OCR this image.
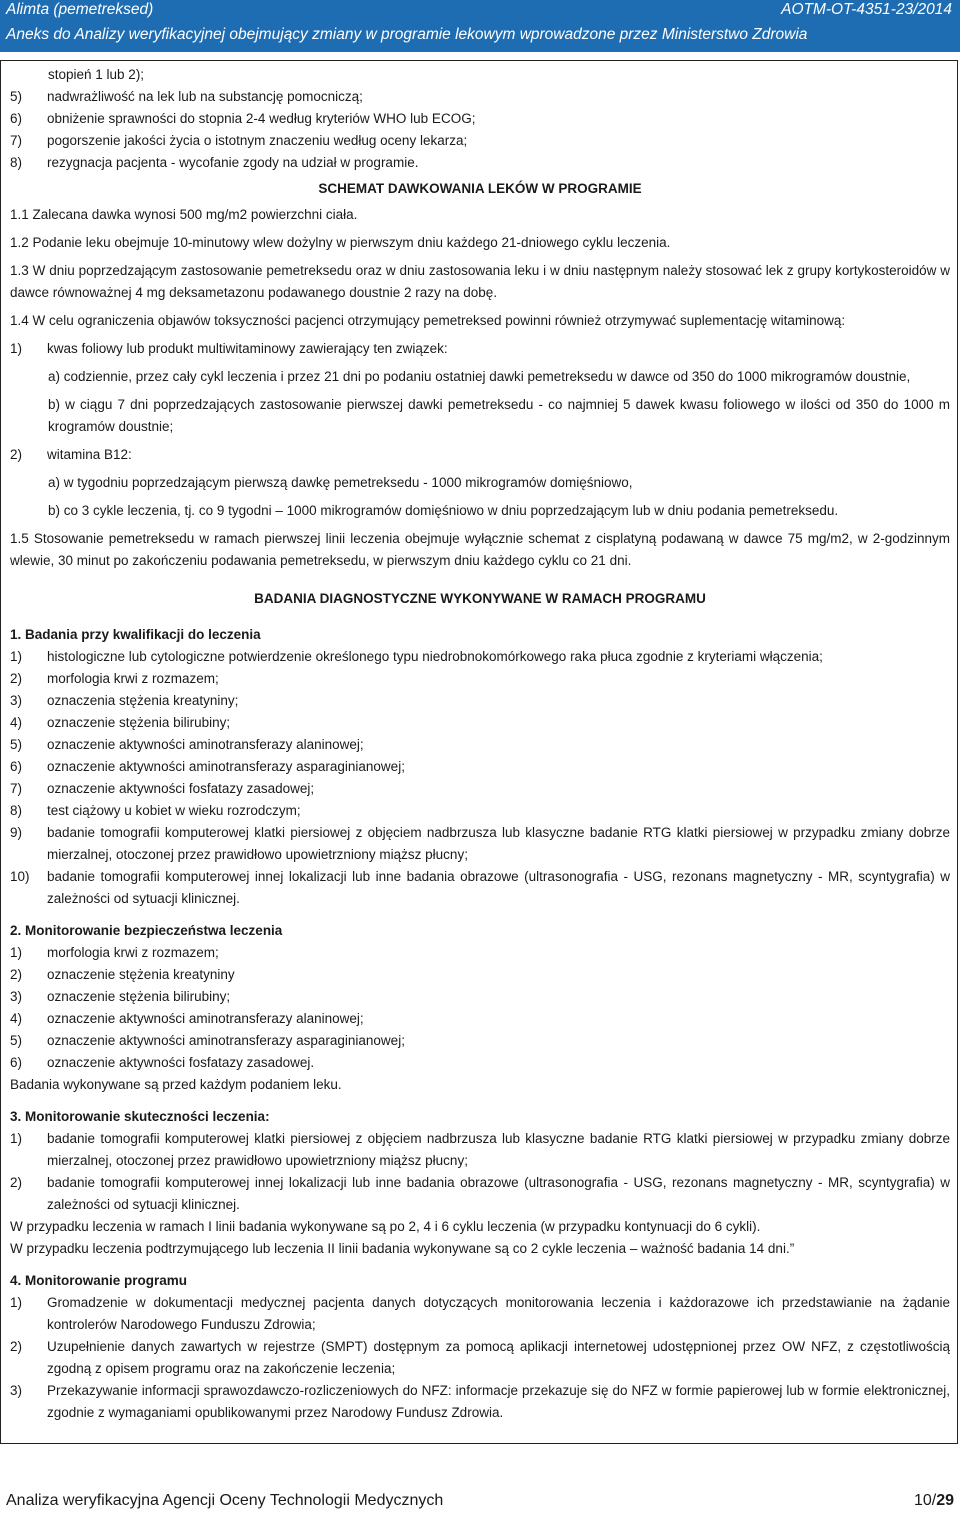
Alimta (pemetreksed)	AOTM-OT-4351-23/2014
Aneks do Analizy weryfikacyjnej obejmujący zmiany w programie lekowym wprowadzone przez Ministerstwo Zdrowia

stopień 1 lub 2);

5) nadwrażliwość na lek lub na substancję pomocniczą;
6) obniżenie sprawności do stopnia 2-4 według kryteriów WHO lub ECOG;
7) pogorszenie jakości życia o istotnym znaczeniu według oceny lekarza;
8) rezygnacja pacjenta - wycofanie zgody na udział w programie.

SCHEMAT DAWKOWANIA LEKÓW W PROGRAMIE

1.1 Zalecana dawka wynosi 500 mg/m2 powierzchni ciała.

1.2 Podanie leku obejmuje 10-minutowy wlew dożylny w pierwszym dniu każdego 21-dniowego cyklu leczenia.

1.3 W dniu poprzedzającym zastosowanie pemetreksedu oraz w dniu zastosowania leku i w dniu następnym należy stosować lek z grupy kortykosteroidów w dawce równoważnej 4 mg deksametazonu podawanego doustnie 2 razy na dobę.

1.4 W celu ograniczenia objawów toksyczności pacjenci otrzymujący pemetreksed powinni również otrzymywać suplementację witaminową:

1) kwas foliowy lub produkt multiwitaminowy zawierający ten związek:

a) codziennie, przez cały cykl leczenia i przez 21 dni po podaniu ostatniej dawki pemetreksedu w dawce od 350 do 1000 mikrogramów doustnie,

b) w ciągu 7 dni poprzedzających zastosowanie pierwszej dawki pemetreksedu - co najmniej 5 dawek kwasu foliowego w ilości od 350 do 1000 m krogramów doustnie;

2) witamina B12:

a) w tygodniu poprzedzającym pierwszą dawkę pemetreksedu - 1000 mikrogramów domięśniowo,

b) co 3 cykle leczenia, tj. co 9 tygodni – 1000 mikrogramów domięśniowo w dniu poprzedzającym lub w dniu podania pemetreksedu.

1.5 Stosowanie pemetreksedu w ramach pierwszej linii leczenia obejmuje wyłącznie schemat z cisplatyną podawaną w dawce 75 mg/m2, w 2-godzinnym wlewie, 30 minut po zakończeniu podawania pemetreksedu, w pierwszym dniu każdego cyklu co 21 dni.

BADANIA DIAGNOSTYCZNE WYKONYWANE W RAMACH PROGRAMU

1. Badania przy kwalifikacji do leczenia

1) histologiczne lub cytologiczne potwierdzenie określonego typu niedrobnokomórkowego raka płuca zgodnie z kryteriami włączenia;
2) morfologia krwi z rozmazem;
3) oznaczenia stężenia kreatyniny;
4) oznaczenie stężenia bilirubiny;
5) oznaczenie aktywności aminotransferazy alaninowej;
6) oznaczenie aktywności aminotransferazy asparaginianowej;
7) oznaczenie aktywności fosfatazy zasadowej;
8) test ciążowy u kobiet w wieku rozrodczym;
9) badanie tomografii komputerowej klatki piersiowej z objęciem nadbrzusza lub klasyczne badanie RTG klatki piersiowej w przypadku zmiany dobrze mierzalnej, otoczonej przez prawidłowo upowietrzniony miąższ płucny;
10) badanie tomografii komputerowej innej lokalizacji lub inne badania obrazowe (ultrasonografia - USG, rezonans magnetyczny - MR, scyntygrafia) w zależności od sytuacji klinicznej.

2. Monitorowanie bezpieczeństwa leczenia

1) morfologia krwi z rozmazem;
2) oznaczenie stężenia kreatyniny
3) oznaczenie stężenia bilirubiny;
4) oznaczenie aktywności aminotransferazy alaninowej;
5) oznaczenie aktywności aminotransferazy asparaginianowej;
6) oznaczenie aktywności fosfatazy zasadowej.

Badania wykonywane są przed każdym podaniem leku.

3. Monitorowanie skuteczności leczenia:

1) badanie tomografii komputerowej klatki piersiowej z objęciem nadbrzusza lub klasyczne badanie RTG klatki piersiowej w przypadku zmiany dobrze mierzalnej, otoczonej przez prawidłowo upowietrzniony miąższ płucny;
2) badanie tomografii komputerowej innej lokalizacji lub inne badania obrazowe (ultrasonografia - USG, rezonans magnetyczny - MR, scyntygrafia) w zależności od sytuacji klinicznej.

W przypadku leczenia w ramach I linii badania wykonywane są po 2, 4 i 6 cyklu leczenia (w przypadku kontynuacji do 6 cykli).

W przypadku leczenia podtrzymującego lub leczenia II linii badania wykonywane są co 2 cykle leczenia – ważność badania 14 dni.”

4. Monitorowanie programu

1) Gromadzenie w dokumentacji medycznej pacjenta danych dotyczących monitorowania leczenia i każdorazowe ich przedstawianie na żądanie kontrolerów Narodowego Funduszu Zdrowia;
2) Uzupełnienie danych zawartych w rejestrze (SMPT) dostępnym za pomocą aplikacji internetowej udostępnionej przez OW NFZ, z częstotliwością zgodną z opisem programu oraz na zakończenie leczenia;
3) Przekazywanie informacji sprawozdawczo-rozliczeniowych do NFZ: informacje przekazuje się do NFZ w formie papierowej lub w formie elektronicznej, zgodnie z wymaganiami opublikowanymi przez Narodowy Fundusz Zdrowia.
Analiza weryfikacyjna Agencji Oceny Technologii Medycznych	10/29
